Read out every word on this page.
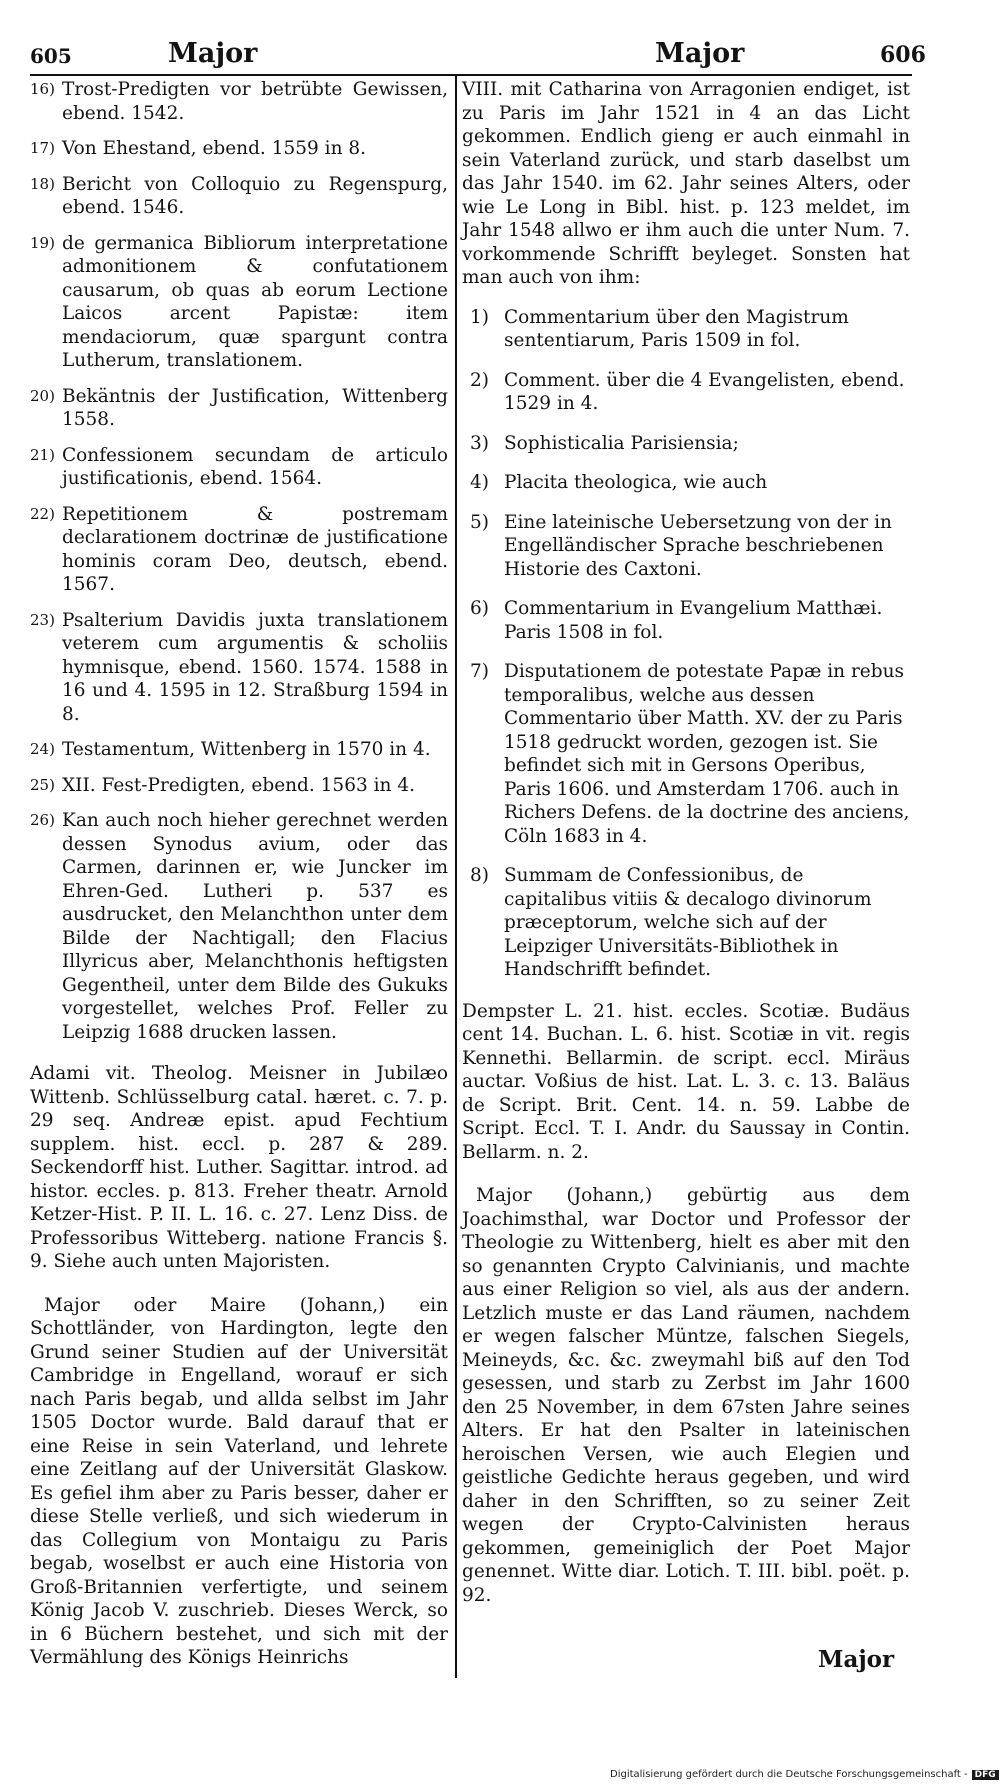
605	Major	Major	606
16) Trost-Predigten vor betrübte Gewissen, ebend. 1542.
17) Von Ehestand, ebend. 1559 in 8.
18) Bericht von Colloquio zu Regenspurg, ebend. 1546.
19) de germanica Bibliorum interpretatione admonitionem & confutationem causarum, ob quas ab eorum Lectione Laicos arcent Papistæ: item mendaciorum, quæ spargunt contra Lutherum, translationem.
20) Bekäntnis der Justification, Wittenberg 1558.
21) Confessionem secundam de articulo justificationis, ebend. 1564.
22) Repetitionem & postremam declarationem doctrinæ de justificatione hominis coram Deo, deutsch, ebend. 1567.
23) Psalterium Davidis juxta translationem veterem cum argumentis & scholiis hymnisque, ebend. 1560. 1574. 1588 in 16 und 4. 1595 in 12. Straßburg 1594 in 8.
24) Testamentum, Wittenberg in 1570 in 4.
25) XII. Fest-Predigten, ebend. 1563 in 4.
26) Kan auch noch hieher gerechnet werden dessen Synodus avium, oder das Carmen, darinnen er, wie Juncker im Ehren-Ged. Lutheri p. 537 es ausdrucket, den Melanchthon unter dem Bilde der Nachtigall; den Flacius Illyricus aber, Melanchthonis heftigsten Gegentheil, unter dem Bilde des Gukuks vorgestellet, welches Prof. Feller zu Leipzig 1688 drucken lassen.

Adami vit. Theolog. Meisner in Jubilæo Wittenb. Schlüsselburg catal. hæret. c. 7. p. 29 seq. Andreæ epist. apud Fechtium supplem. hist. eccl. p. 287 & 289. Seckendorff hist. Luther. Sagittar. introd. ad histor. eccles. p. 813. Freher theatr. Arnold Ketzer-Hist. P. II. L. 16. c. 27. Lenz Diss. de Professoribus Witteberg. natione Francis §. 9. Siehe auch unten Majoristen.

Major oder Maire (Johann,) ein Schottländer, von Hardington, legte den Grund seiner Studien auf der Universität Cambridge in Engelland, worauf er sich nach Paris begab, und allda selbst im Jahr 1505 Doctor wurde. Bald darauf that er eine Reise in sein Vaterland, und lehrete eine Zeitlang auf der Universität Glaskow. Es gefiel ihm aber zu Paris besser, daher er diese Stelle verließ, und sich wiederum in das Collegium von Montaigu zu Paris begab, woselbst er auch eine Historia von Groß-Britannien verfertigte, und seinem König Jacob V. zuschrieb. Dieses Werck, so in 6 Büchern bestehet, und sich mit der Vermählung des Königs Heinrichs

VIII. mit Catharina von Arragonien endiget, ist zu Paris im Jahr 1521 in 4 an das Licht gekommen. Endlich gieng er auch einmahl in sein Vaterland zurück, und starb daselbst um das Jahr 1540. im 62. Jahr seines Alters, oder wie Le Long in Bibl. hist. p. 123 meldet, im Jahr 1548 allwo er ihm auch die unter Num. 7. vorkommende Schrifft beyleget. Sonsten hat man auch von ihm:

1) Commentarium über den Magistrum sententiarum, Paris 1509 in fol.
2) Comment. über die 4 Evangelisten, ebend. 1529 in 4.
3) Sophisticalia Parisiensia;
4) Placita theologica, wie auch
5) Eine lateinische Uebersetzung von der in Engelländischer Sprache beschriebenen Historie des Caxtoni.
6) Commentarium in Evangelium Matthæi. Paris 1508 in fol.
7) Disputationem de potestate Papæ in rebus temporalibus, welche aus dessen Commentario über Matth. XV. der zu Paris 1518 gedruckt worden, gezogen ist. Sie befindet sich mit in Gersons Operibus, Paris 1606. und Amsterdam 1706. auch in Richers Defens. de la doctrine des anciens, Cöln 1683 in 4.
8) Summam de Confessionibus, de capitalibus vitiis & decalogo divinorum præceptorum, welche sich auf der Leipziger Universitäts-Bibliothek in Handschrifft befindet.

Dempster L. 21. hist. eccles. Scotiæ. Budäus cent 14. Buchan. L. 6. hist. Scotiæ in vit. regis Kennethi. Bellarmin. de script. eccl. Miräus auctar. Voßius de hist. Lat. L. 3. c. 13. Baläus de Script. Brit. Cent. 14. n. 59. Labbe de Script. Eccl. T. I. Andr. du Saussay in Contin. Bellarm. n. 2.

Major (Johann,) gebürtig aus dem Joachimsthal, war Doctor und Professor der Theologie zu Wittenberg, hielt es aber mit den so genannten Crypto Calvinianis, und machte aus einer Religion so viel, als aus der andern. Letzlich muste er das Land räumen, nachdem er wegen falscher Müntze, falschen Siegels, Meineyds, &c. &c. zweymahl biß auf den Tod gesessen, und starb zu Zerbst im Jahr 1600 den 25 November, in dem 67sten Jahre seines Alters. Er hat den Psalter in lateinischen heroischen Versen, wie auch Elegien und geistliche Gedichte heraus gegeben, und wird daher in den Schrifften, so zu seiner Zeit wegen der Crypto-Calvinisten heraus gekommen, gemeiniglich der Poet Major genennet. Witte diar. Lotich. T. III. bibl. poët. p. 92.

Major
Digitalisierung gefördert durch die Deutsche Forschungsgemeinschaft - DFG
